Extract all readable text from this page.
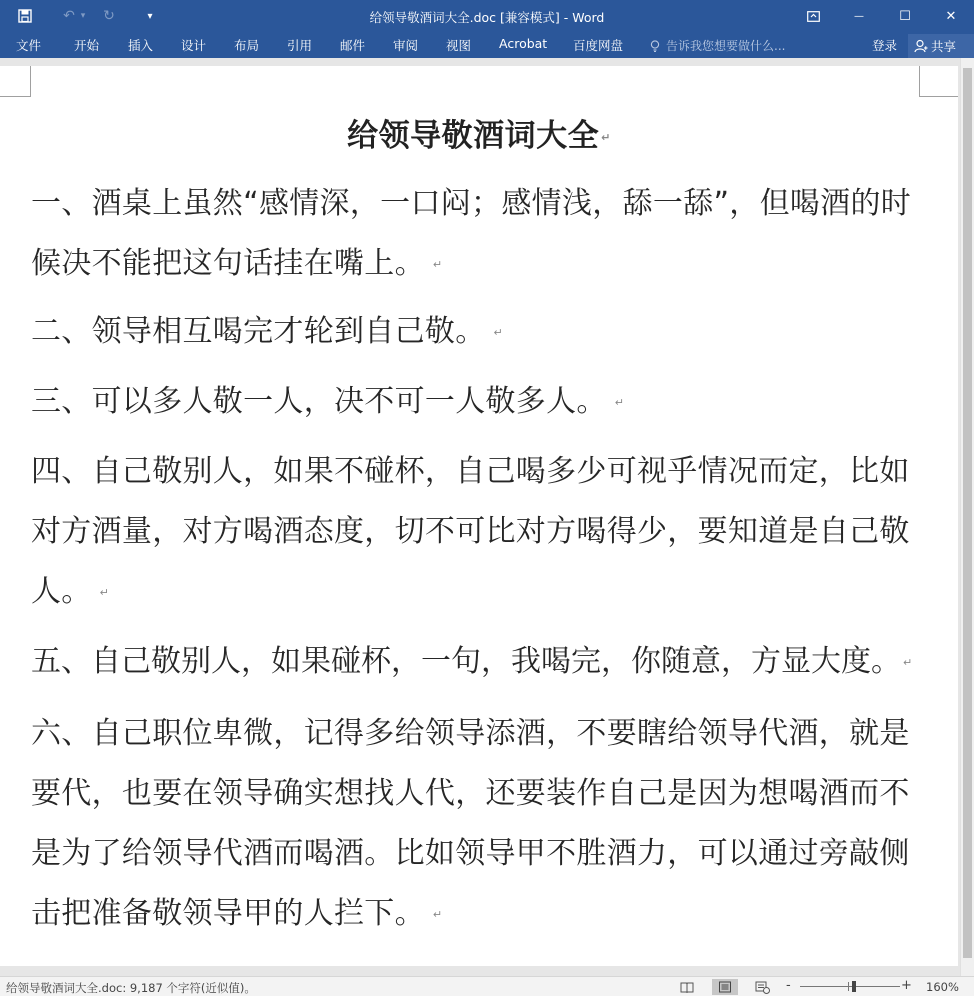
↶ ▾ ↻	▾	给领导敬酒词大全.doc [兼容模式] - Word	—	☐	✕
文件	开始 插入 设计 布局 引用 邮件 审阅 视图 Acrobat 百度网盘	告诉我您想要做什么...	登录	共享
给领导敬酒词大全 ↵
一、酒桌上虽然“感情深，一口闷；感情浅，舔一舔”，但喝酒的时候决不能把这句话挂在嘴上。 ↵
二、领导相互喝完才轮到自己敬。 ↵
三、可以多人敬一人，决不可一人敬多人。 ↵
四、自己敬别人，如果不碰杯，自己喝多少可视乎情况而定，比如对方酒量，对方喝酒态度，切不可比对方喝得少，要知道是自己敬人。 ↵
五、自己敬别人，如果碰杯，一句，我喝完，你随意，方显大度。 ↵
六、自己职位卑微，记得多给领导添酒，不要瞎给领导代酒，就是要代，也要在领导确实想找人代，还要装作自己是因为想喝酒而不是为了给领导代酒而喝酒。比如领导甲不胜酒力，可以通过旁敲侧击把准备敬领导甲的人拦下。 ↵
给领导敬酒词大全.doc: 9,187 个字符(近似值)。	-	+ 160%
